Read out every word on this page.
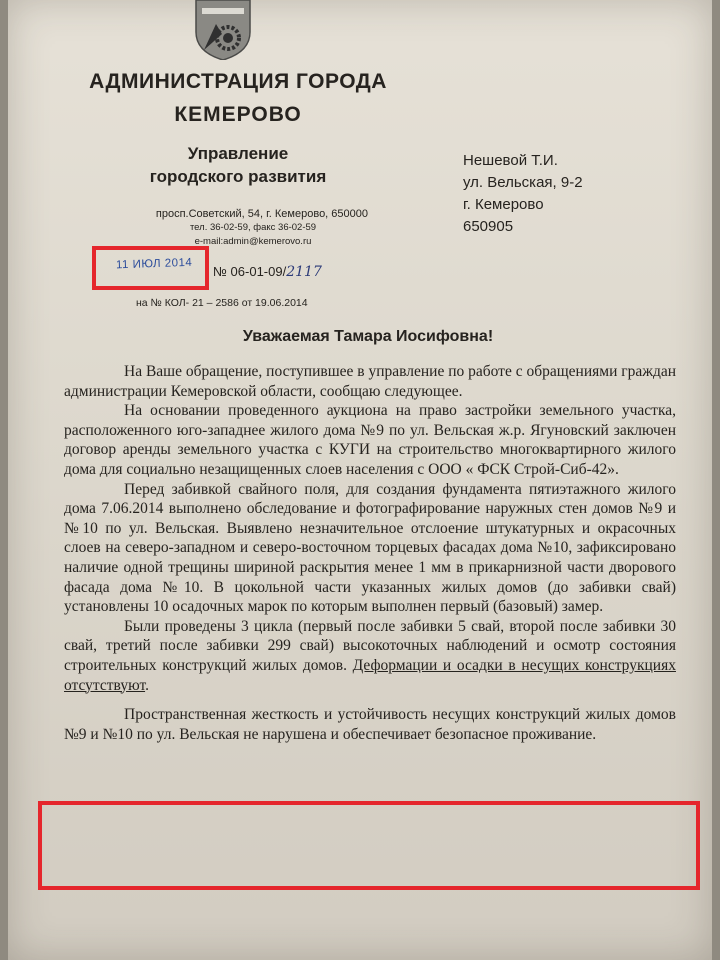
АДМИНИСТРАЦИЯ ГОРОДА
КЕМЕРОВО
Управление
городского развития
просп.Советский, 54, г. Кемерово, 650000
тел. 36-02-59, факс 36-02-59
e-mail:admin@kemerovo.ru
Нешевой Т.И.
ул. Вельская, 9-2
г. Кемерово
650905
11 ИЮЛ 2014 № 06-01-09/2117
на № КОЛ- 21 – 2586 от 19.06.2014
Уважаемая Тамара Иосифовна!

На Ваше обращение, поступившее в управление по работе с обращениями граждан администрации Кемеровской области, сообщаю следующее.

На основании проведенного аукциона на право застройки земельного участка, расположенного юго-западнее жилого дома №9 по ул. Вельская ж.р. Ягуновский заключен договор аренды земельного участка с КУГИ на строительство многоквартирного жилого дома для социально незащищенных слоев населения с ООО « ФСК Строй-Сиб-42».

Перед забивкой свайного поля, для создания фундамента пятиэтажного жилого дома 7.06.2014 выполнено обследование и фотографирование наружных стен домов №9 и №10 по ул. Вельская. Выявлено незначительное отслоение штукатурных и окрасочных слоев на северо-западном и северо-восточном торцевых фасадах дома №10, зафиксировано наличие одной трещины шириной раскрытия менее 1 мм в прикарнизной части дворового фасада дома №10. В цокольной части указанных жилых домов (до забивки свай) установлены 10 осадочных марок по которым выполнен первый (базовый) замер.

Были проведены 3 цикла (первый после забивки 5 свай, второй после забивки 30 свай, третий после забивки 299 свай) высокоточных наблюдений и осмотр состояния строительных конструкций жилых домов. Деформации и осадки в несущих конструкциях отсутствуют.

Пространственная жесткость и устойчивость несущих конструкций жилых домов №9 и №10 по ул. Вельская не нарушена и обеспечивает безопасное проживание.
